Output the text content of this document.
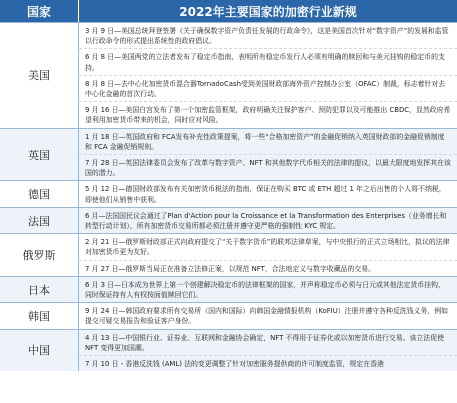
国家	2022年主要国家的加密行业新规
美国
3 月 9 日—美国总统拜登签署《关于确保数字资产负责任发展的行政命令》，这是美国首次针对“数字资产”的发展和监管以行政命令的形式提出系统性的政府倡议。
6 月 8 日—美国两党的立法者发布了稳定币指南，表明所有稳定币发行人必须有明确的赎回和与美元挂钩的稳定币的支持。
8 月 8 日—去中心化加密货币混合器TornadoCash受到美国财政部海外资产控制办公室（OFAC）制裁，标志着针对去中心化金融的首次行动。
9 月 16 日—美国白宫发布了第一个加密监管框架，政府明确关注保护客户、预防犯罪以及可能推出 CBDC，显然政府希望利用加密货币带来的机会，同时应对风险。
英国
1 月 18 日—英国政府和 FCA发布补充性政策提案，将一些“合格加密资产”的金融促销纳入英国财政部的金融促销制度和 FCA 金融促销规则。
7 月 28 日—英国法律委员会发布了改革与数字资产、NFT 和其他数字代币相关的法律的提议，以最大限度地发挥其在该国的潜力。
德国	5 月 12 日—德国财政部发布有关加密货币税法的指南，保证在购买 BTC 或 ETH 超过 1 年之后出售的个人将不纳税，即使他们从销售中获利。
法国	6 月—法国国民议会通过了Plan d'Action pour la Croissance et la Transformation des Enterprises（业务增长和转型行动计划），所有加密货币交易所都必须注册并遵守更严格的强制性 KYC 规定。
俄罗斯
2 月 21 日—俄罗斯财政部正式向政府提交了“关于数字货币”的联邦法律草案，与中央银行的正式立场相比，拟议的法律对加密货币更为友好。
7 月 27 日—俄罗斯当局正在准备立法修正案，以规范 NFT，合法地定义与数字收藏品的交易。
日本	6 月 3 日—日本成为世界上第一个创建解决稳定币的法律框架的国家，并声称稳定币必须与日元或其他法定货币挂钩，同时保证持有人有权按面值赎回它们。
韩国	9 月 24 日—韩国政府要求所有交易所（国内和国际）向韩国金融情报机构（KoFIU）注册并遵守各种反洗钱义务，例如提交可疑交易报告和验证客户身份。
中国
4 月 13 日—中国银行业、证券业、互联网和金融协会确定，NFT 不得用于证券化或以加密货币进行交易。该立法促使 NFT 变得更加国潮。
7 月 10 日 - 香港反洗钱 (AML) 法的变更调整了针对加密服务提供商的许可制度监管，规定在香港
